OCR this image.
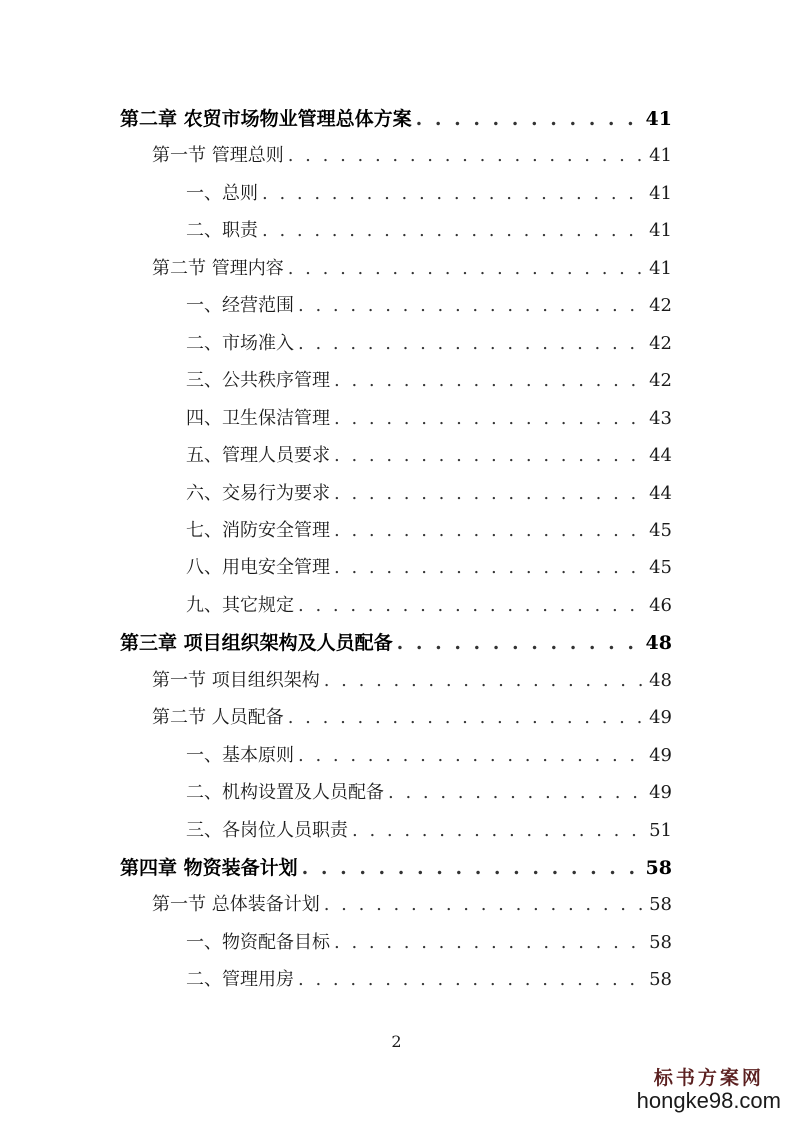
第二章 农贸市场物业管理总体方案 . . .	41
第一节 管理总则 . . .	41
一、总则 . . .	41
二、职责 . . .	41
第二节 管理内容 . . .	41
一、经营范围 . . .	42
二、市场准入 . . .	42
三、公共秩序管理 . . .	42
四、卫生保洁管理 . . .	43
五、管理人员要求 . . .	44
六、交易行为要求 . . .	44
七、消防安全管理 . . .	45
八、用电安全管理 . . .	45
九、其它规定 . . .	46
第三章 项目组织架构及人员配备 . . .	48
第一节 项目组织架构 . . .	48
第二节 人员配备 . . .	49
一、基本原则 . . .	49
二、机构设置及人员配备 . . .	49
三、各岗位人员职责 . . .	51
第四章 物资装备计划 . . .	58
第一节 总体装备计划 . . .	58
一、物资配备目标 . . .	58
二、管理用房 . . .	58
2
标书方案网
hongke98.com
